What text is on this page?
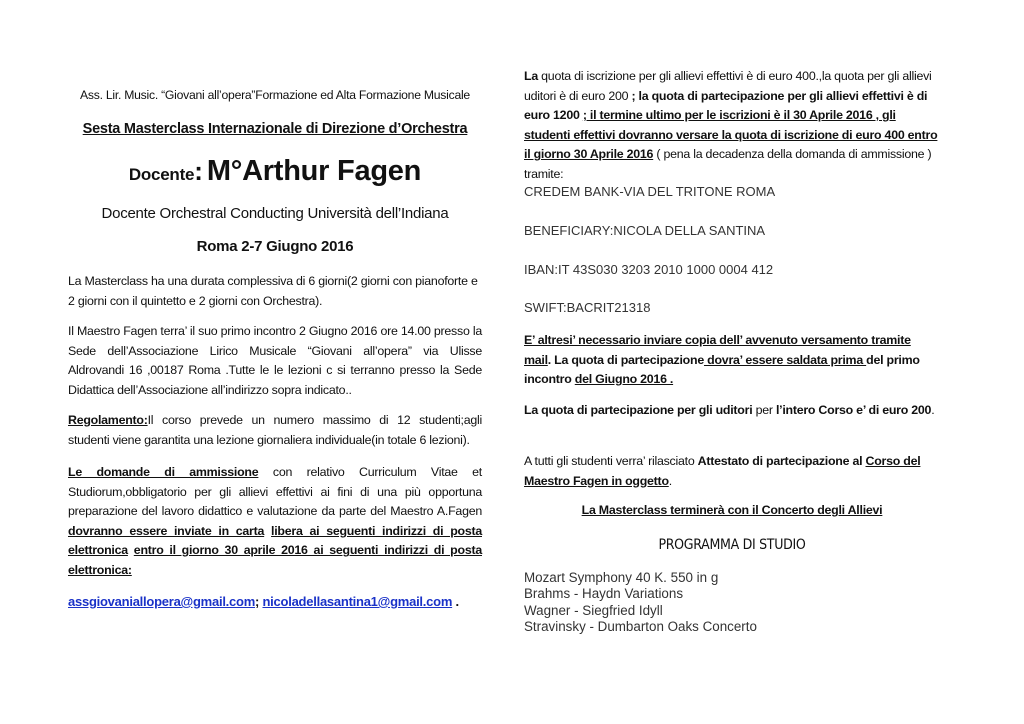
Ass. Lir. Music. “Giovani all’opera”Formazione ed Alta Formazione Musicale

Sesta Masterclass Internazionale di Direzione d’Orchestra

Docente: M°Arthur Fagen

Docente Orchestral Conducting Università dell’Indiana

Roma 2-7 Giugno 2016

La Masterclass ha una durata complessiva di 6 giorni(2 giorni con pianoforte e 2 giorni con il quintetto e 2 giorni con Orchestra).

Il Maestro Fagen terra’ il suo primo incontro 2 Giugno 2016 ore 14.00 presso la Sede dell’Associazione Lirico Musicale “Giovani all’opera” via Ulisse Aldrovandi 16 ,00187 Roma .Tutte le le lezioni c si terranno presso la Sede Didattica dell’Associazione all’indirizzo sopra indicato..

Regolamento:Il corso prevede un numero massimo di 12 studenti;agli studenti viene garantita una lezione giornaliera individuale(in totale 6 lezioni).

Le domande di ammissione con relativo Curriculum Vitae et Studiorum,obbligatorio per gli allievi effettivi ai fini di una più opportuna preparazione del lavoro didattico e valutazione da parte del Maestro A.Fagen dovranno essere inviate in carta libera ai seguenti indirizzi di posta elettronica entro il giorno 30 aprile 2016 ai seguenti indirizzi di posta elettronica:

assgiovaniallopera@gmail.com; nicoladellasantina1@gmail.com .

La quota di iscrizione per gli allievi effettivi è di euro 400.,la quota per gli allievi uditori è di euro 200 ; la quota di partecipazione per gli allievi effettivi è di euro 1200 ; il termine ultimo per le iscrizioni è il 30 Aprile 2016 , gli studenti effettivi dovranno versare la quota di iscrizione di euro 400 entro il giorno 30 Aprile 2016 ( pena la decadenza della domanda di ammissione ) tramite:

CREDEM BANK-VIA DEL TRITONE ROMA

BENEFICIARY:NICOLA DELLA SANTINA

IBAN:IT 43S030 3203 2010 1000 0004 412

SWIFT:BACRIT21318

E’ altresi’ necessario inviare copia dell’ avvenuto versamento tramite mail. La quota di partecipazione dovra’ essere saldata prima del primo incontro del Giugno 2016 .

La quota di partecipazione per gli uditori per l’intero Corso e’ di euro 200.

A tutti gli studenti verra’ rilasciato Attestato di partecipazione al Corso del Maestro Fagen in oggetto.

La Masterclass terminerà con il Concerto degli Allievi

PROGRAMMA DI STUDIO

Mozart Symphony 40 K. 550 in g
Brahms - Haydn Variations
Wagner - Siegfried Idyll
Stravinsky - Dumbarton Oaks Concerto
